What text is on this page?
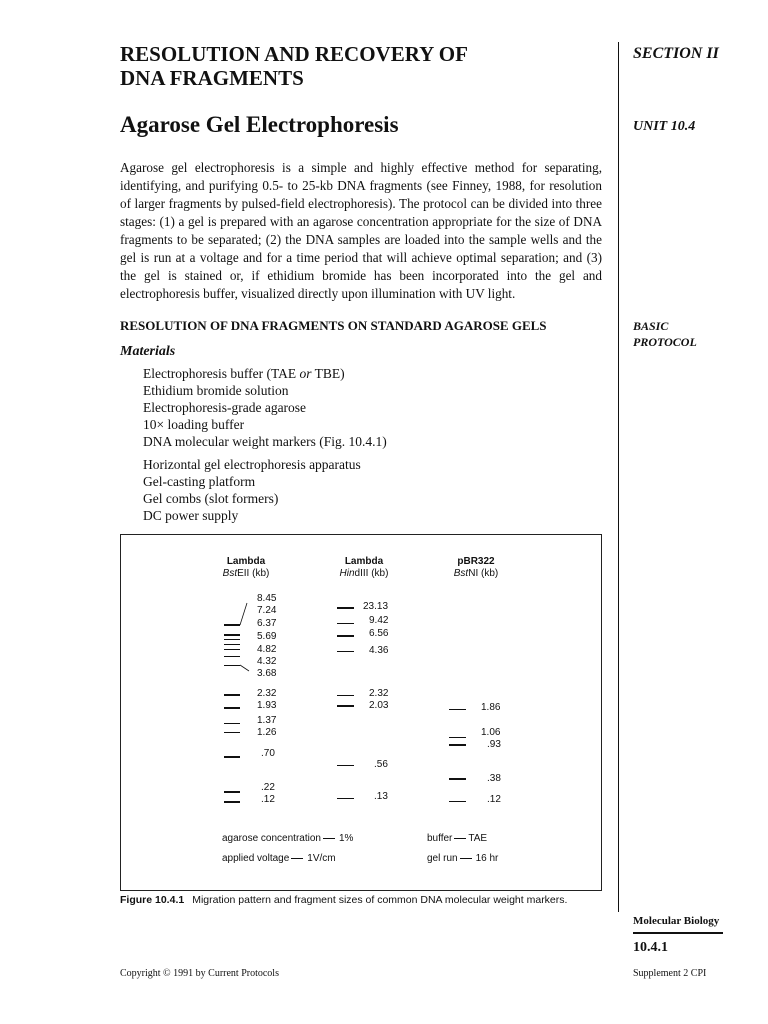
RESOLUTION AND RECOVERY OF
DNA FRAGMENTS
Agarose Gel Electrophoresis
SECTION II
UNIT 10.4
BASIC
PROTOCOL
Agarose gel electrophoresis is a simple and highly effective method for separating, identifying, and purifying 0.5- to 25-kb DNA fragments (see Finney, 1988, for resolution of larger fragments by pulsed-field electrophoresis). The protocol can be divided into three stages: (1) a gel is prepared with an agarose concentration appropriate for the size of DNA fragments to be separated; (2) the DNA samples are loaded into the sample wells and the gel is run at a voltage and for a time period that will achieve optimal separation; and (3) the gel is stained or, if ethidium bromide has been incorporated into the gel and electrophoresis buffer, visualized directly upon illumination with UV light.
RESOLUTION OF DNA FRAGMENTS ON STANDARD AGAROSE GELS
Materials
Electrophoresis buffer (TAE or TBE)
Ethidium bromide solution
Electrophoresis-grade agarose
10× loading buffer
DNA molecular weight markers (Fig. 10.4.1)
Horizontal gel electrophoresis apparatus
Gel-casting platform
Gel combs (slot formers)
DC power supply
Lambda
BstEII (kb)
Lambda
HindIII (kb)
pBR322
BstNI (kb)
8.45
7.24
6.37
5.69
4.82
4.32
3.68
2.32
1.93
1.37
1.26
.70
.22
.12
23.13
9.42
6.56
4.36
2.32
2.03
.56
.13
1.86
1.06
.93
.38
.12
agarose concentration 1%
applied voltage 1V/cm
buffer TAE
gel run 16 hr
Figure 10.4.1 Migration pattern and fragment sizes of common DNA molecular weight markers.
Molecular Biology
10.4.1
Copyright © 1991 by Current Protocols	Supplement 2 CPI
